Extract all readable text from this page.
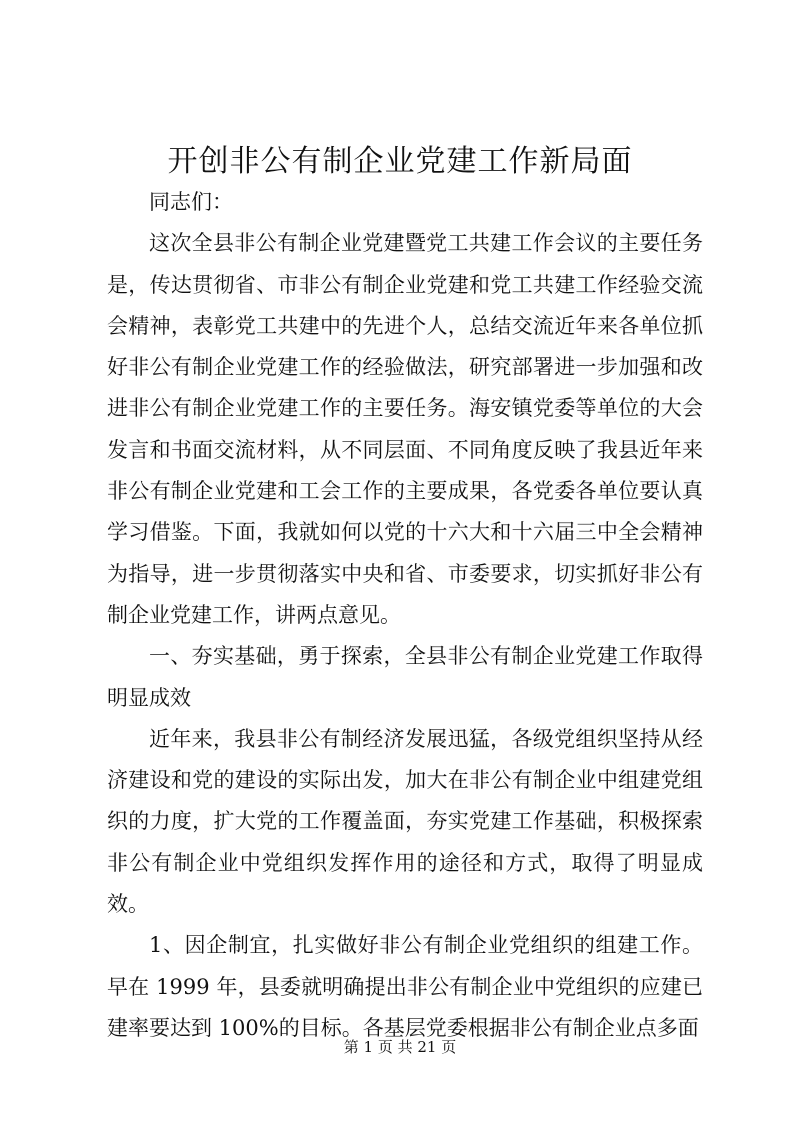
开创非公有制企业党建工作新局面

同志们：

这次全县非公有制企业党建暨党工共建工作会议的主要任务是，传达贯彻省、市非公有制企业党建和党工共建工作经验交流会精神，表彰党工共建中的先进个人，总结交流近年来各单位抓好非公有制企业党建工作的经验做法，研究部署进一步加强和改进非公有制企业党建工作的主要任务。海安镇党委等单位的大会发言和书面交流材料，从不同层面、不同角度反映了我县近年来非公有制企业党建和工会工作的主要成果，各党委各单位要认真学习借鉴。下面，我就如何以党的十六大和十六届三中全会精神为指导，进一步贯彻落实中央和省、市委要求，切实抓好非公有制企业党建工作，讲两点意见。

一、夯实基础，勇于探索，全县非公有制企业党建工作取得明显成效

近年来，我县非公有制经济发展迅猛，各级党组织坚持从经济建设和党的建设的实际出发，加大在非公有制企业中组建党组织的力度，扩大党的工作覆盖面，夯实党建工作基础，积极探索非公有制企业中党组织发挥作用的途径和方式，取得了明显成效。

1、因企制宜，扎实做好非公有制企业党组织的组建工作。早在 1999 年，县委就明确提出非公有制企业中党组织的应建已建率要达到 100%的目标。各基层党委根据非公有制企业点多面

第 1 页 共 21 页
